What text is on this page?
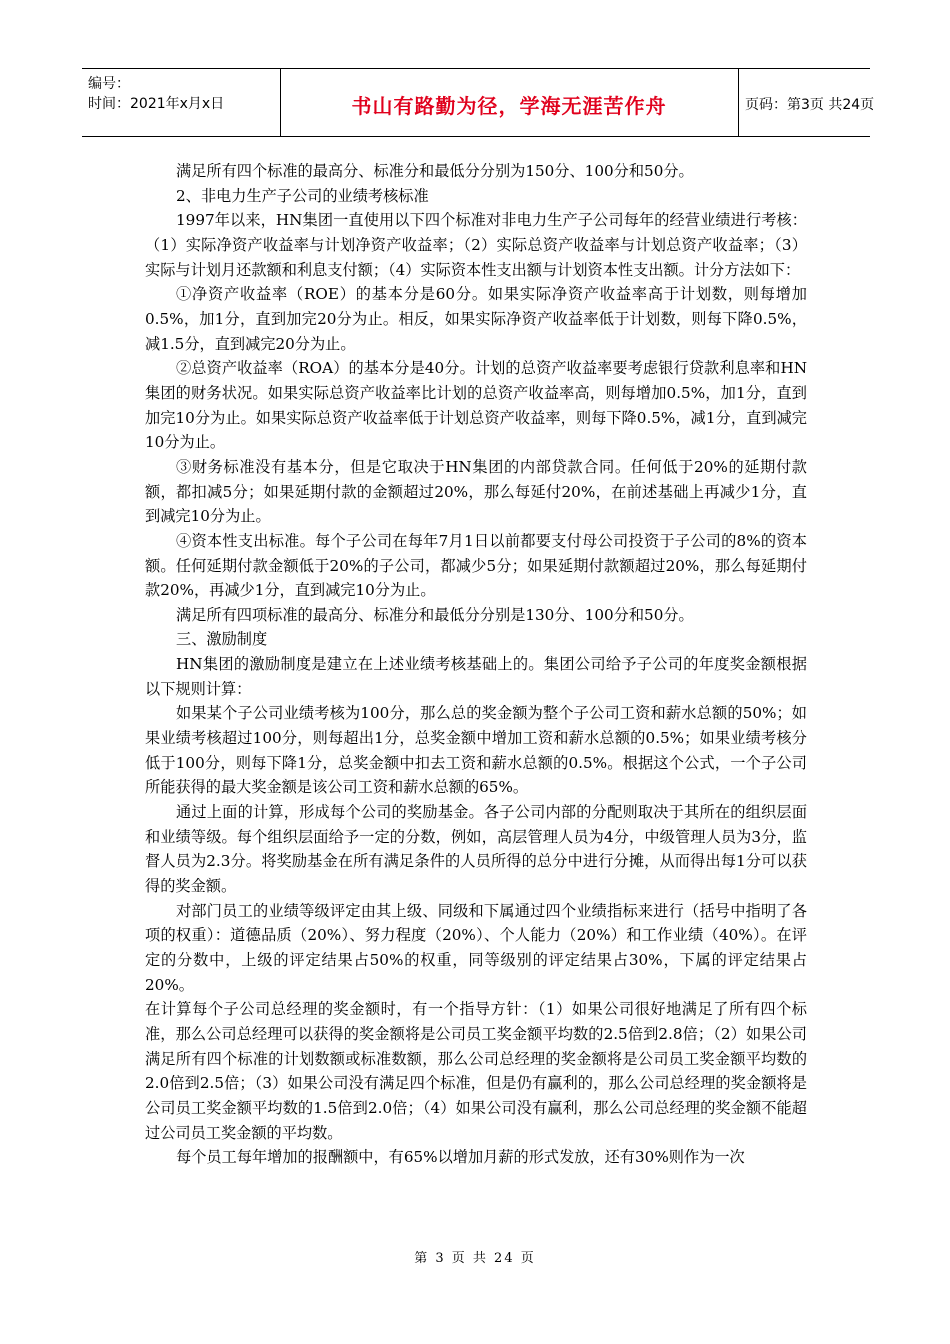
编号：
时间：2021年x月x日	书山有路勤为径，学海无涯苦作舟	页码：第3页 共24页

满足所有四个标准的最高分、标准分和最低分分别为150分、100分和50分。

2、非电力生产子公司的业绩考核标准

1997年以来，HN集团一直使用以下四个标准对非电力生产子公司每年的经营业绩进行考核：（1）实际净资产收益率与计划净资产收益率；（2）实际总资产收益率与计划总资产收益率；（3）实际与计划月还款额和利息支付额；（4）实际资本性支出额与计划资本性支出额。计分方法如下：

①净资产收益率（ROE）的基本分是60分。如果实际净资产收益率高于计划数，则每增加0.5%，加1分，直到加完20分为止。相反，如果实际净资产收益率低于计划数，则每下降0.5%，减1.5分，直到减完20分为止。

②总资产收益率（ROA）的基本分是40分。计划的总资产收益率要考虑银行贷款利息率和HN集团的财务状况。如果实际总资产收益率比计划的总资产收益率高，则每增加0.5%，加1分，直到加完10分为止。如果实际总资产收益率低于计划总资产收益率，则每下降0.5%，减1分，直到减完10分为止。

③财务标准没有基本分，但是它取决于HN集团的内部贷款合同。任何低于20%的延期付款额，都扣减5分；如果延期付款的金额超过20%，那么每延付20%，在前述基础上再减少1分，直到减完10分为止。

④资本性支出标准。每个子公司在每年7月1日以前都要支付母公司投资于子公司的8%的资本额。任何延期付款金额低于20%的子公司，都减少5分；如果延期付款额超过20%，那么每延期付款20%，再减少1分，直到减完10分为止。

满足所有四项标准的最高分、标准分和最低分分别是130分、100分和50分。

三、激励制度

HN集团的激励制度是建立在上述业绩考核基础上的。集团公司给予子公司的年度奖金额根据以下规则计算：

如果某个子公司业绩考核为100分，那么总的奖金额为整个子公司工资和薪水总额的50%；如果业绩考核超过100分，则每超出1分，总奖金额中增加工资和薪水总额的0.5%；如果业绩考核分低于100分，则每下降1分，总奖金额中扣去工资和薪水总额的0.5%。根据这个公式，一个子公司所能获得的最大奖金额是该公司工资和薪水总额的65%。

通过上面的计算，形成每个公司的奖励基金。各子公司内部的分配则取决于其所在的组织层面和业绩等级。每个组织层面给予一定的分数，例如，高层管理人员为4分，中级管理人员为3分，监督人员为2.3分。将奖励基金在所有满足条件的人员所得的总分中进行分摊，从而得出每1分可以获得的奖金额。

对部门员工的业绩等级评定由其上级、同级和下属通过四个业绩指标来进行（括号中指明了各项的权重）：道德品质（20%）、努力程度（20%）、个人能力（20%）和工作业绩（40%）。在评定的分数中，上级的评定结果占50%的权重，同等级别的评定结果占30%，下属的评定结果占20%。

在计算每个子公司总经理的奖金额时，有一个指导方针：（1）如果公司很好地满足了所有四个标准，那么公司总经理可以获得的奖金额将是公司员工奖金额平均数的2.5倍到2.8倍；（2）如果公司满足所有四个标准的计划数额或标准数额，那么公司总经理的奖金额将是公司员工奖金额平均数的2.0倍到2.5倍；（3）如果公司没有满足四个标准，但是仍有赢利的，那么公司总经理的奖金额将是公司员工奖金额平均数的1.5倍到2.0倍；（4）如果公司没有赢利，那么公司总经理的奖金额不能超过公司员工奖金额的平均数。

每个员工每年增加的报酬额中，有65%以增加月薪的形式发放，还有30%则作为一次

第 3 页 共 24 页
